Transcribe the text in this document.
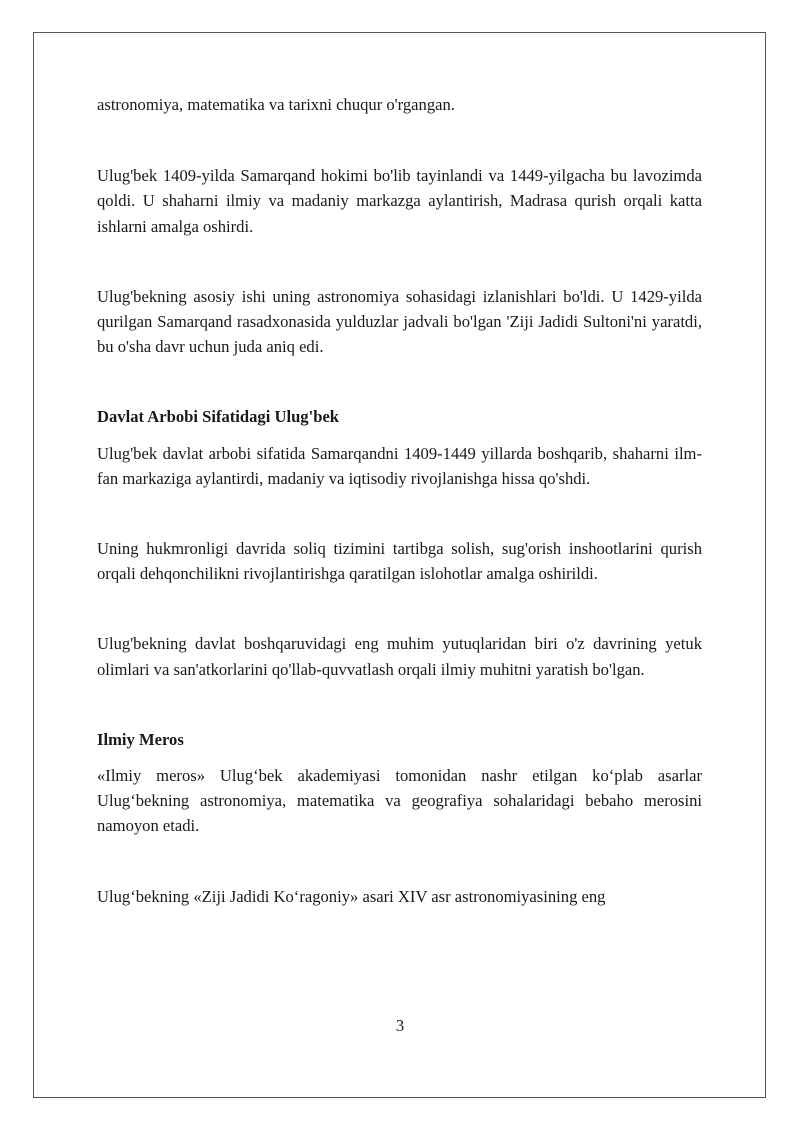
astronomiya, matematika va tarixni chuqur o'rgangan.

Ulug'bek 1409-yilda Samarqand hokimi bo'lib tayinlandi va 1449-yilgacha bu lavozimda qoldi. U shaharni ilmiy va madaniy markazga aylantirish, Madrasa qurish orqali katta ishlarni amalga oshirdi.

Ulug'bekning asosiy ishi uning astronomiya sohasidagi izlanishlari bo'ldi. U 1429-yilda qurilgan Samarqand rasadxonasida yulduzlar jadvali bo'lgan 'Ziji Jadidi Sultoni'ni yaratdi, bu o'sha davr uchun juda aniq edi.

Davlat Arbobi Sifatidagi Ulug'bek

Ulug'bek davlat arbobi sifatida Samarqandni 1409-1449 yillarda boshqarib, shaharni ilm-fan markaziga aylantirdi, madaniy va iqtisodiy rivojlanishga hissa qo'shdi.

Uning hukmronligi davrida soliq tizimini tartibga solish, sug'orish inshootlarini qurish orqali dehqonchilikni rivojlantirishga qaratilgan islohotlar amalga oshirildi.

Ulug'bekning davlat boshqaruvidagi eng muhim yutuqlaridan biri o'z davrining yetuk olimlari va san'atkorlarini qo'llab-quvvatlash orqali ilmiy muhitni yaratish bo'lgan.

Ilmiy Meros

«Ilmiy meros» Ulug‘bek akademiyasi tomonidan nashr etilgan ko‘plab asarlar Ulug‘bekning astronomiya, matematika va geografiya sohalaridagi bebaho merosini namoyon etadi.

Ulug‘bekning «Ziji Jadidi Ko‘ragoniy» asari XIV asr astronomiyasining eng

3
